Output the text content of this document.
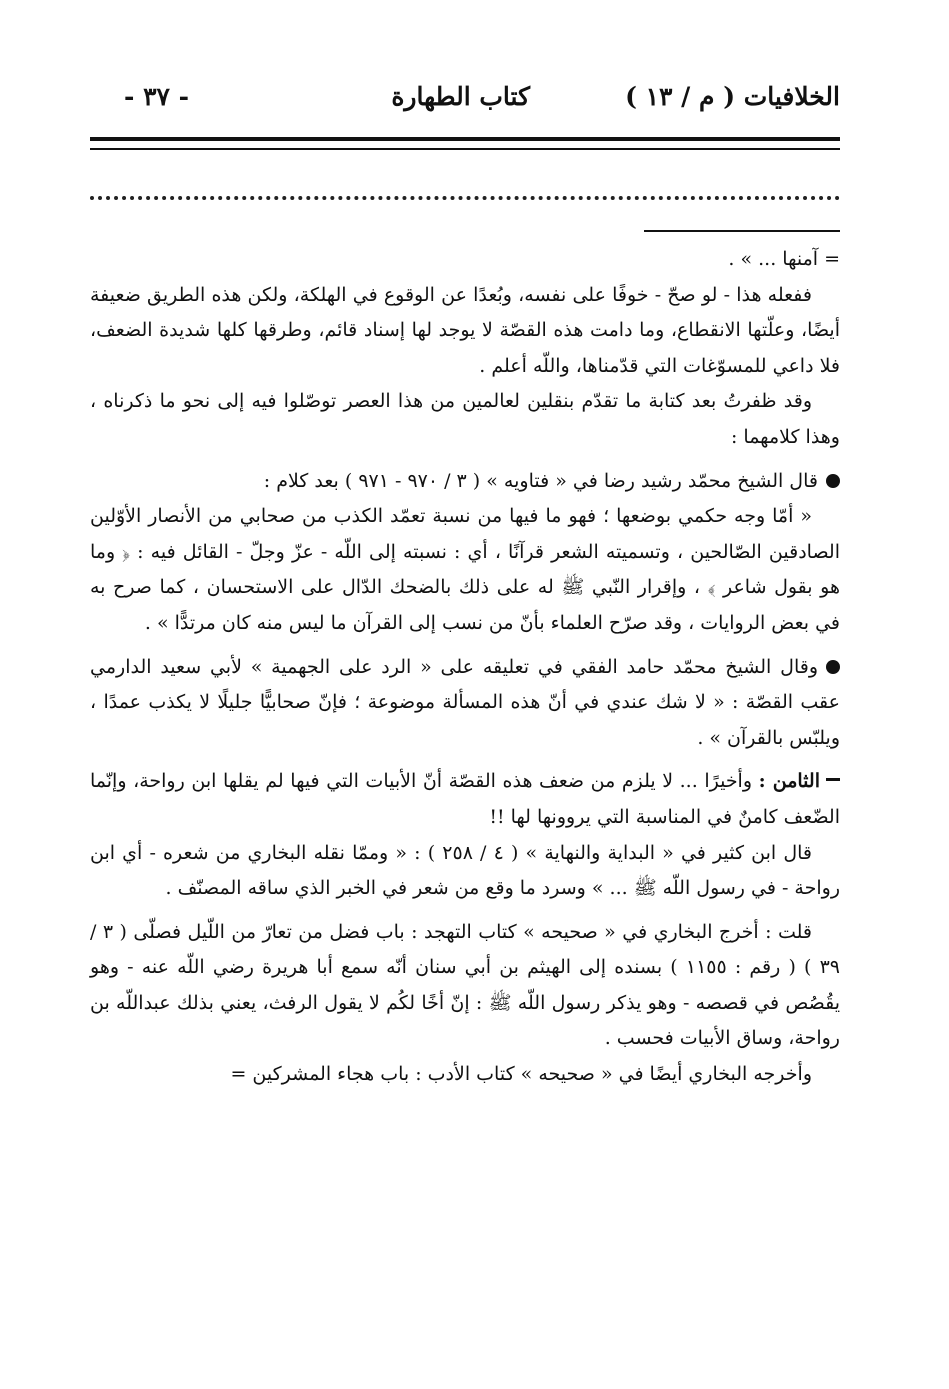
الخلافيات ( م / ١٣ )
كتاب الطهارة
- ٣٧ -

= آمنها ... » .

ففعله هذا - لو صحّ - خوفًا على نفسه، وبُعدًا عن الوقوع في الهلكة، ولكن هذه الطريق ضعيفة أيضًا، وعلّتها الانقطاع، وما دامت هذه القصّة لا يوجد لها إسناد قائم، وطرقها كلها شديدة الضعف، فلا داعي للمسوّغات التي قدّمناها، واللّه أعلم .

وقد ظفرتُ بعد كتابة ما تقدّم بنقلين لعالمين من هذا العصر توصّلوا فيه إلى نحو ما ذكرناه ، وهذا كلامهما :

قال الشيخ محمّد رشيد رضا في « فتاويه » ( ٣ / ٩٧٠ - ٩٧١ ) بعد كلام :

« أمّا وجه حكمي بوضعها ؛ فهو ما فيها من نسبة تعمّد الكذب من صحابي من الأنصار الأوّلين الصادقين الصّالحين ، وتسميته الشعر قرآنًا ، أي : نسبته إلى اللّه - عزّ وجلّ - القائل فيه : ﴿ وما هو بقول شاعر ﴾ ، وإقرار النّبي ﷺ له على ذلك بالضحك الدّال على الاستحسان ، كما صرح به في بعض الروايات ، وقد صرّح العلماء بأنّ من نسب إلى القرآن ما ليس منه كان مرتدًّا » .

وقال الشيخ محمّد حامد الفقي في تعليقه على « الرد على الجهمية » لأبي سعيد الدارمي عقب القصّة : « لا شك عندي في أنّ هذه المسألة موضوعة ؛ فإنّ صحابيًّا جليلًا لا يكذب عمدًا ، ويلبّس بالقرآن » .

الثامن : وأخيرًا ... لا يلزم من ضعف هذه القصّة أنّ الأبيات التي فيها لم يقلها ابن رواحة، وإنّما الضّعف كامنٌ في المناسبة التي يروونها لها !!

قال ابن كثير في « البداية والنهاية » ( ٤ / ٢٥٨ ) : « وممّا نقله البخاري من شعره - أي ابن رواحة - في رسول اللّه ﷺ ... » وسرد ما وقع من شعر في الخبر الذي ساقه المصنّف .

قلت : أخرج البخاري في « صحيحه » كتاب التهجد : باب فضل من تعارّ من اللّيل فصلّى ( ٣ / ٣٩ ) ( رقم : ١١٥٥ ) بسنده إلى الهيثم بن أبي سنان أنّه سمع أبا هريرة رضي اللّه عنه - وهو يقُصُص في قصصه - وهو يذكر رسول اللّه ﷺ : إنّ أخًا لكُم لا يقول الرفث، يعني بذلك عبداللّه بن رواحة، وساق الأبيات فحسب .

وأخرجه البخاري أيضًا في « صحيحه » كتاب الأدب : باب هجاء المشركين =
